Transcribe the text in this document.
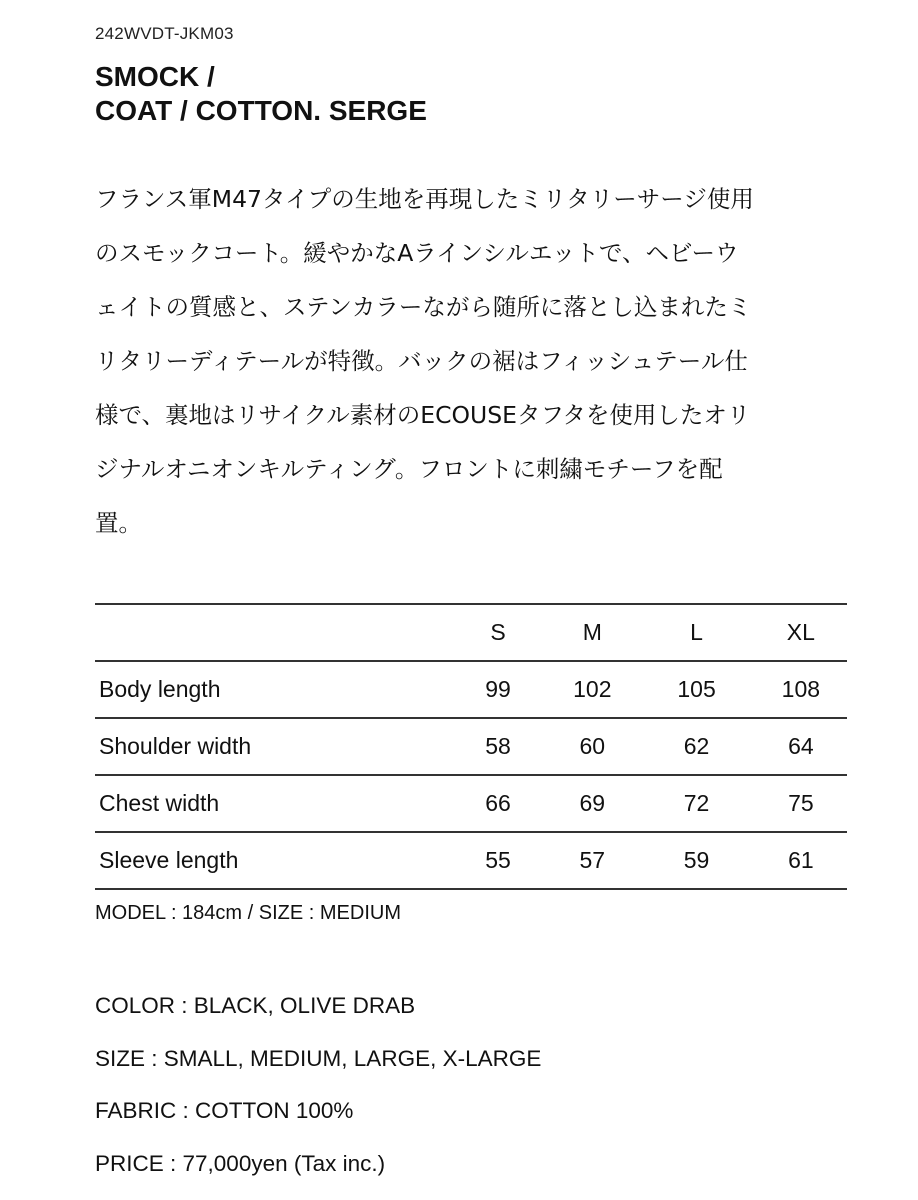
242WVDT-JKM03
SMOCK /
COAT / COTTON. SERGE
フランス軍M47タイプの生地を再現したミリタリーサージ使用
のスモックコート。緩やかなAラインシルエットで、ヘビーウ
ェイトの質感と、ステンカラーながら随所に落とし込まれたミ
リタリーディテールが特徴。バックの裾はフィッシュテール仕
様で、裏地はリサイクル素材のECOUSEタフタを使用したオリ
ジナルオニオンキルティング。フロントに刺繍モチーフを配
置。
	S	M	L	XL
Body length	99	102	105	108
Shoulder width	58	60	62	64
Chest width	66	69	72	75
Sleeve length	55	57	59	61
MODEL : 184cm / SIZE : MEDIUM
COLOR : BLACK, OLIVE DRAB
SIZE : SMALL, MEDIUM, LARGE, X-LARGE
FABRIC : COTTON 100%
PRICE : 77,000yen (Tax inc.)
